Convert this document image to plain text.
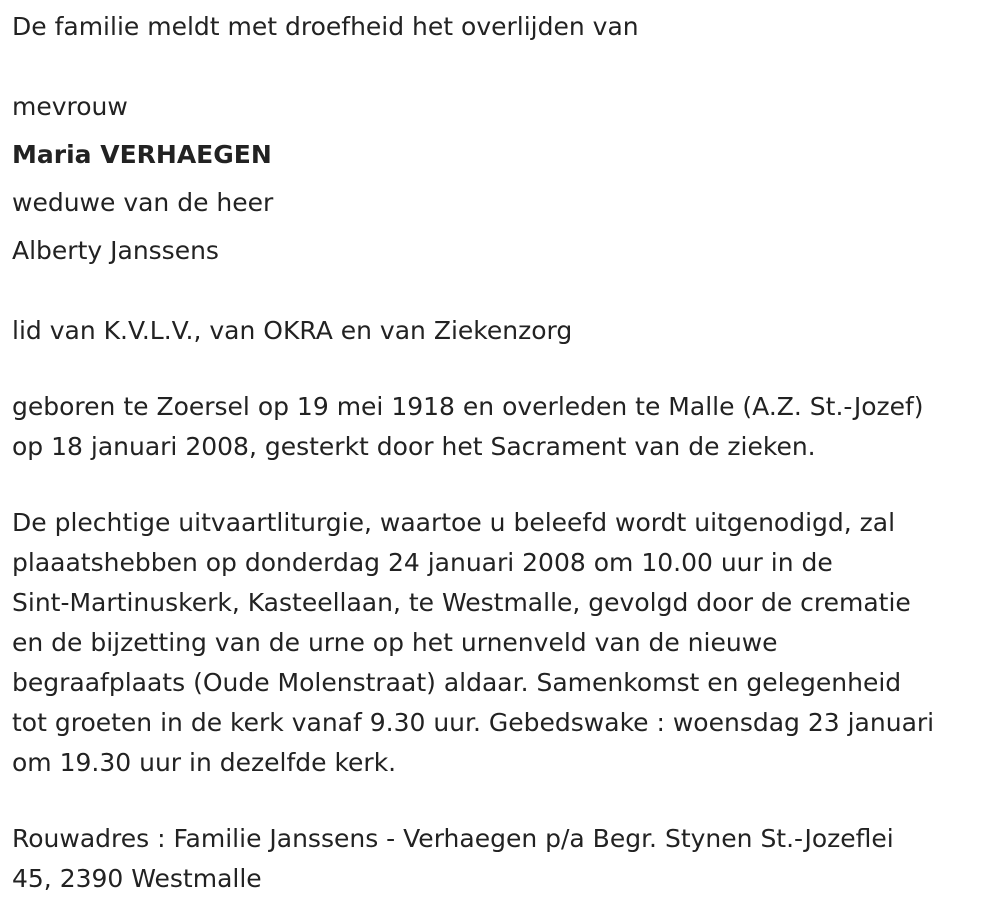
De familie meldt met droefheid het overlijden van
mevrouw
Maria VERHAEGEN
weduwe van de heer
Alberty Janssens
lid van K.V.L.V., van OKRA en van Ziekenzorg
geboren te Zoersel op 19 mei 1918 en overleden te Malle (A.Z. St.-Jozef)
op 18 januari 2008, gesterkt door het Sacrament van de zieken.
De plechtige uitvaartliturgie, waartoe u beleefd wordt uitgenodigd, zal
plaaatshebben op donderdag 24 januari 2008 om 10.00 uur in de
Sint-Martinuskerk, Kasteellaan, te Westmalle, gevolgd door de crematie
en de bijzetting van de urne op het urnenveld van de nieuwe
begraafplaats (Oude Molenstraat) aldaar. Samenkomst en gelegenheid
tot groeten in de kerk vanaf 9.30 uur. Gebedswake : woensdag 23 januari
om 19.30 uur in dezelfde kerk.
Rouwadres : Familie Janssens - Verhaegen p/a Begr. Stynen St.-Jozeflei
45, 2390 Westmalle
